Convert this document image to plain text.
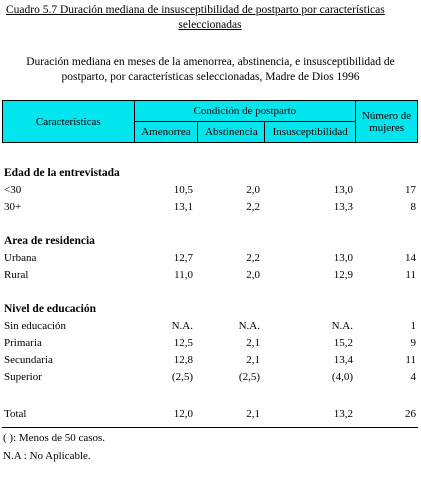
Cuadro 5.7 Duración mediana de insusceptibilidad de postparto por características
seleccionadas
Duración mediana en meses de la amenorrea, abstinencia, e insusceptibilidad de
postparto, por características seleccionadas, Madre de Dios 1996
Características	Condición de postparto			Número de
mujeres

	Amenorrea	Abstinencia	Insusceptibilidad	
Edad de la entrevistada
<30	10,5	2,0	13,0	17
30+	13,1	2,2	13,3	8
Area de residencia
Urbana	12,7	2,2	13,0	14
Rural	11,0	2,0	12,9	11
Nivel de educación
Sin educación	N.A.	N.A.	N.A.	1
Primaria	12,5	2,1	15,2	9
Secundaria	12,8	2,1	13,4	11
Superior	(2,5)	(2,5)	(4,0)	4
Total	12,0	2,1	13,2	26
( ): Menos de 50 casos.
N.A : No Aplicable.
